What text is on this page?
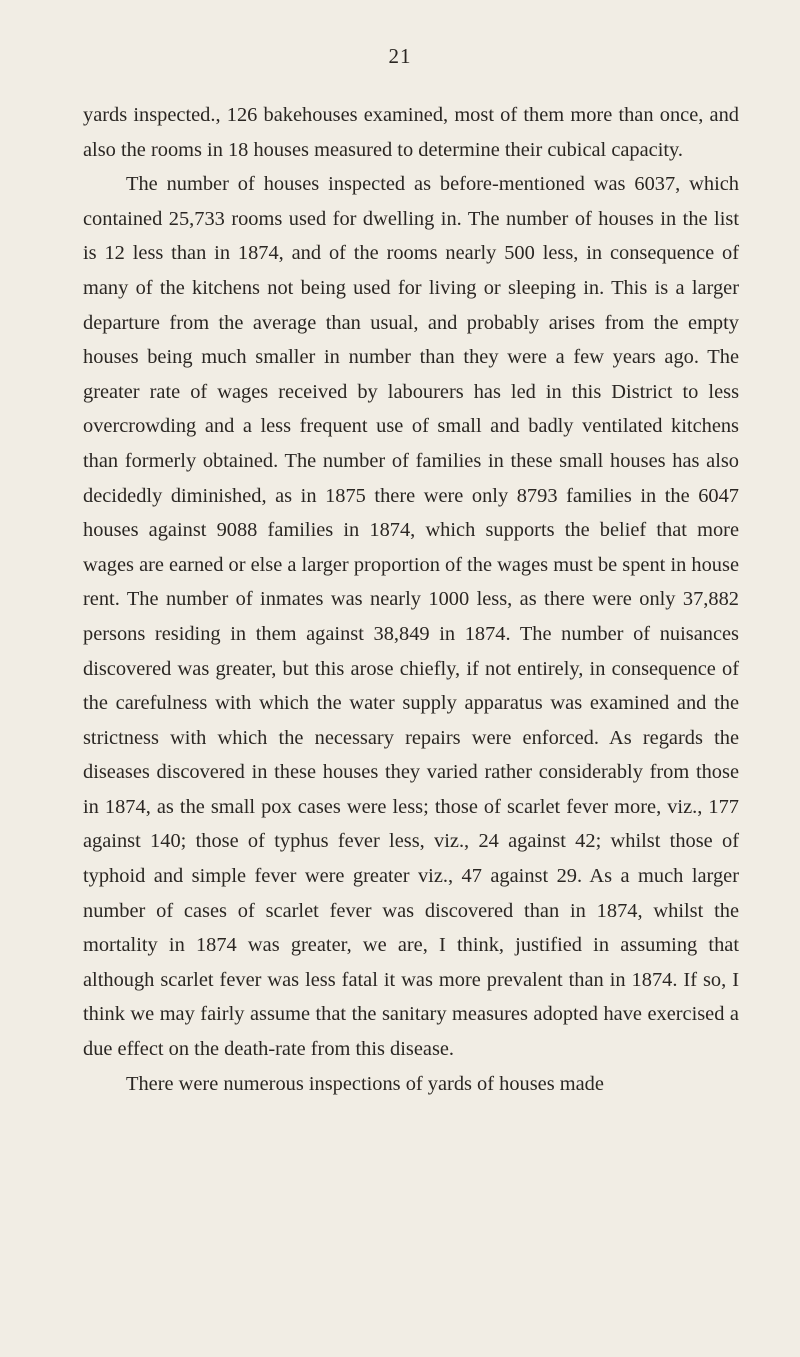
21

yards inspected., 126 bakehouses examined, most of them more than once, and also the rooms in 18 houses measured to determine their cubical capacity.

The number of houses inspected as before-mentioned was 6037, which contained 25,733 rooms used for dwelling in. The number of houses in the list is 12 less than in 1874, and of the rooms nearly 500 less, in consequence of many of the kitchens not being used for living or sleeping in. This is a larger departure from the average than usual, and probably arises from the empty houses being much smaller in number than they were a few years ago. The greater rate of wages received by labourers has led in this District to less overcrowding and a less frequent use of small and badly ventilated kitchens than formerly obtained. The number of families in these small houses has also decidedly diminished, as in 1875 there were only 8793 families in the 6047 houses against 9088 families in 1874, which supports the belief that more wages are earned or else a larger proportion of the wages must be spent in house rent. The number of inmates was nearly 1000 less, as there were only 37,882 persons residing in them against 38,849 in 1874. The number of nuisances discovered was greater, but this arose chiefly, if not entirely, in consequence of the carefulness with which the water supply apparatus was examined and the strictness with which the necessary repairs were enforced. As regards the diseases discovered in these houses they varied rather considerably from those in 1874, as the small pox cases were less; those of scarlet fever more, viz., 177 against 140; those of typhus fever less, viz., 24 against 42; whilst those of typhoid and simple fever were greater viz., 47 against 29. As a much larger number of cases of scarlet fever was discovered than in 1874, whilst the mortality in 1874 was greater, we are, I think, justified in assuming that although scarlet fever was less fatal it was more prevalent than in 1874. If so, I think we may fairly assume that the sanitary measures adopted have exercised a due effect on the death-rate from this disease.

There were numerous inspections of yards of houses made
